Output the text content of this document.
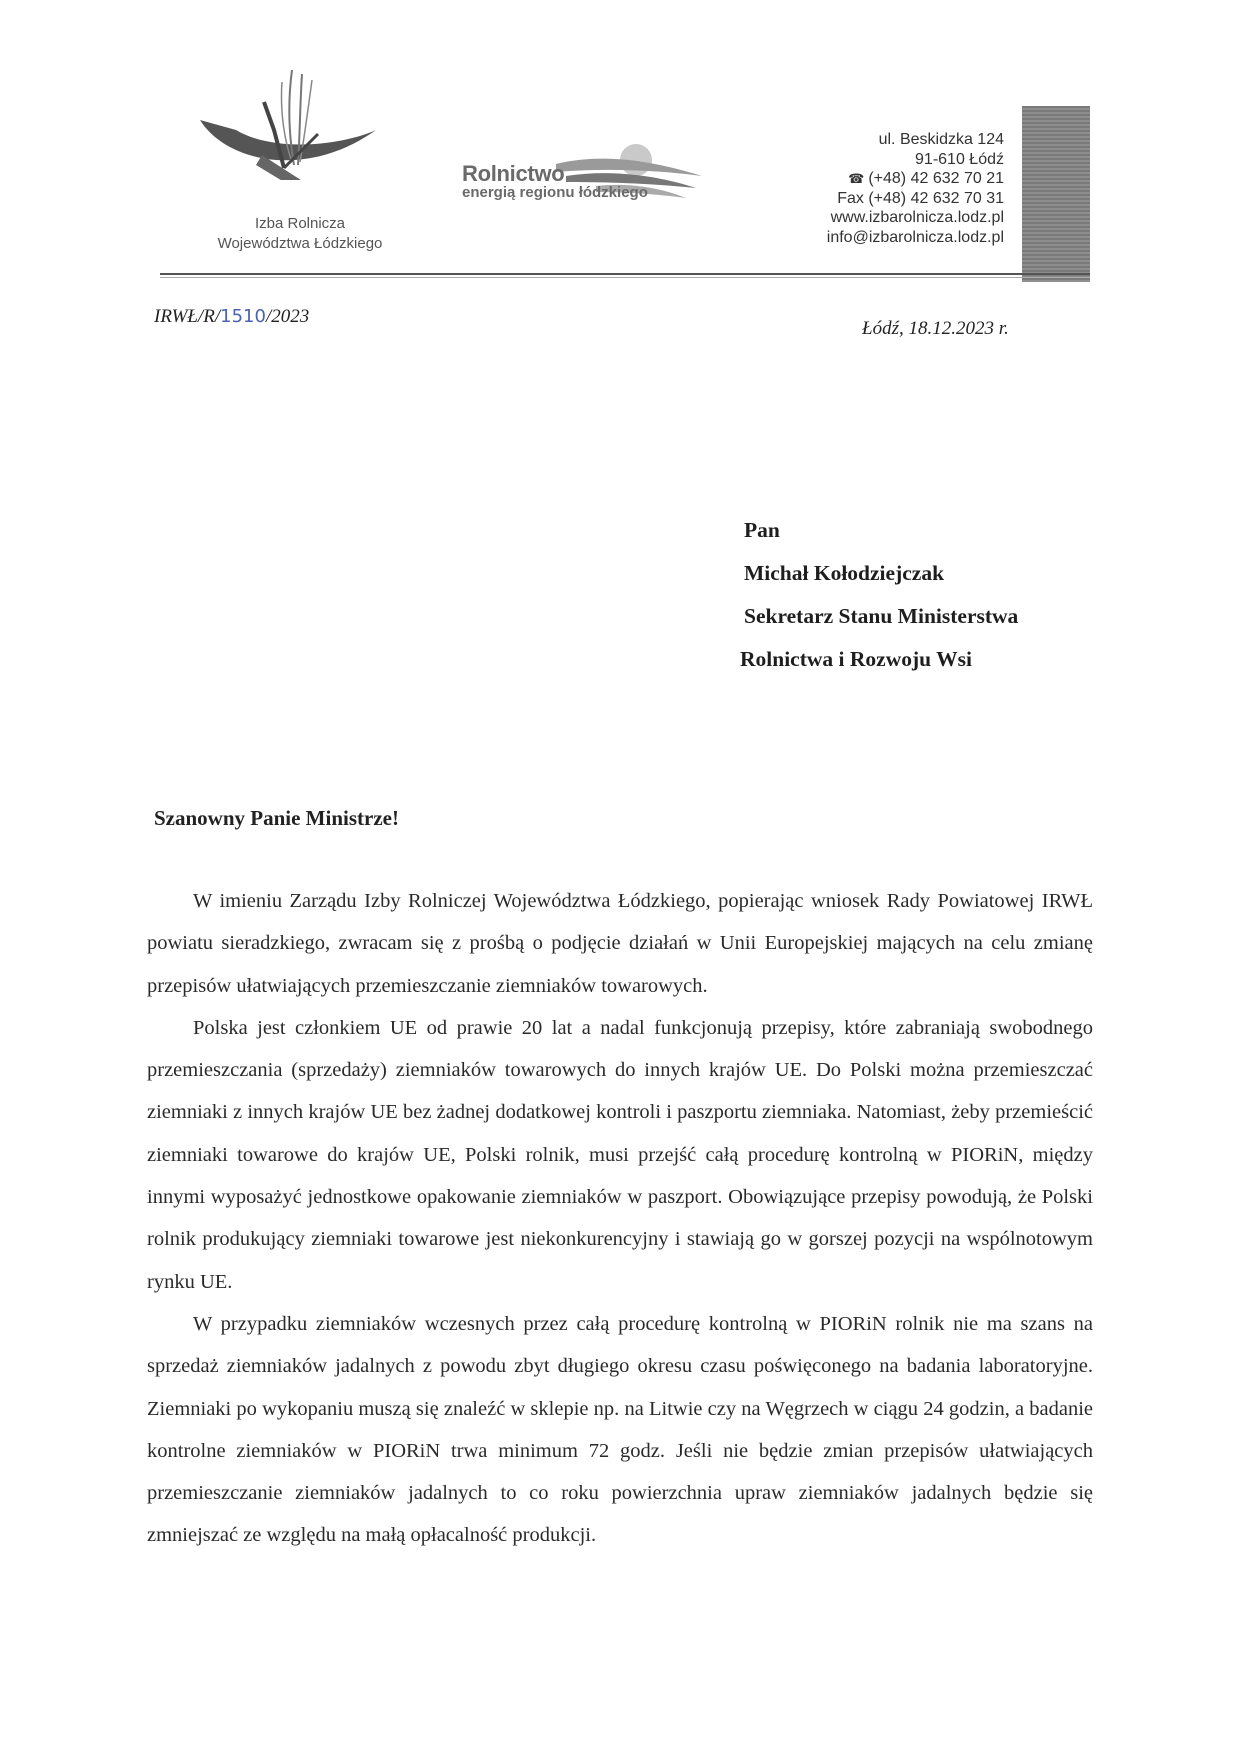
Izba Rolnicza
Województwa Łódzkiego
Rolnictwo
energią regionu łódzkiego
ul. Beskidzka 124
91-610 Łódź
☎ (+48) 42 632 70 21
Fax (+48) 42 632 70 31
www.izbarolnicza.lodz.pl
info@izbarolnicza.lodz.pl
IRWŁ/R/1510/2023
Łódź, 18.12.2023 r.
Pan
Michał Kołodziejczak
Sekretarz Stanu Ministerstwa
Rolnictwa i Rozwoju Wsi
Szanowny Panie Ministrze!

W imieniu Zarządu Izby Rolniczej Województwa Łódzkiego, popierając wniosek Rady Powiatowej IRWŁ powiatu sieradzkiego, zwracam się z prośbą o podjęcie działań w Unii Europejskiej mających na celu zmianę przepisów ułatwiających przemieszczanie ziemniaków towarowych.

Polska jest członkiem UE od prawie 20 lat a nadal funkcjonują przepisy, które zabraniają swobodnego przemieszczania (sprzedaży) ziemniaków towarowych do innych krajów UE. Do Polski można przemieszczać ziemniaki z innych krajów UE bez żadnej dodatkowej kontroli i paszportu ziemniaka. Natomiast, żeby przemieścić ziemniaki towarowe do krajów UE, Polski rolnik, musi przejść całą procedurę kontrolną w PIORiN, między innymi wyposażyć jednostkowe opakowanie ziemniaków w paszport. Obowiązujące przepisy powodują, że Polski rolnik produkujący ziemniaki towarowe jest niekonkurencyjny i stawiają go w gorszej pozycji na wspólnotowym rynku UE.

W przypadku ziemniaków wczesnych przez całą procedurę kontrolną w PIORiN rolnik nie ma szans na sprzedaż ziemniaków jadalnych z powodu zbyt długiego okresu czasu poświęconego na badania laboratoryjne. Ziemniaki po wykopaniu muszą się znaleźć w sklepie np. na Litwie czy na Węgrzech w ciągu 24 godzin, a badanie kontrolne ziemniaków w PIORiN trwa minimum 72 godz. Jeśli nie będzie zmian przepisów ułatwiających przemieszczanie ziemniaków jadalnych to co roku powierzchnia upraw ziemniaków jadalnych będzie się zmniejszać ze względu na małą opłacalność produkcji.
